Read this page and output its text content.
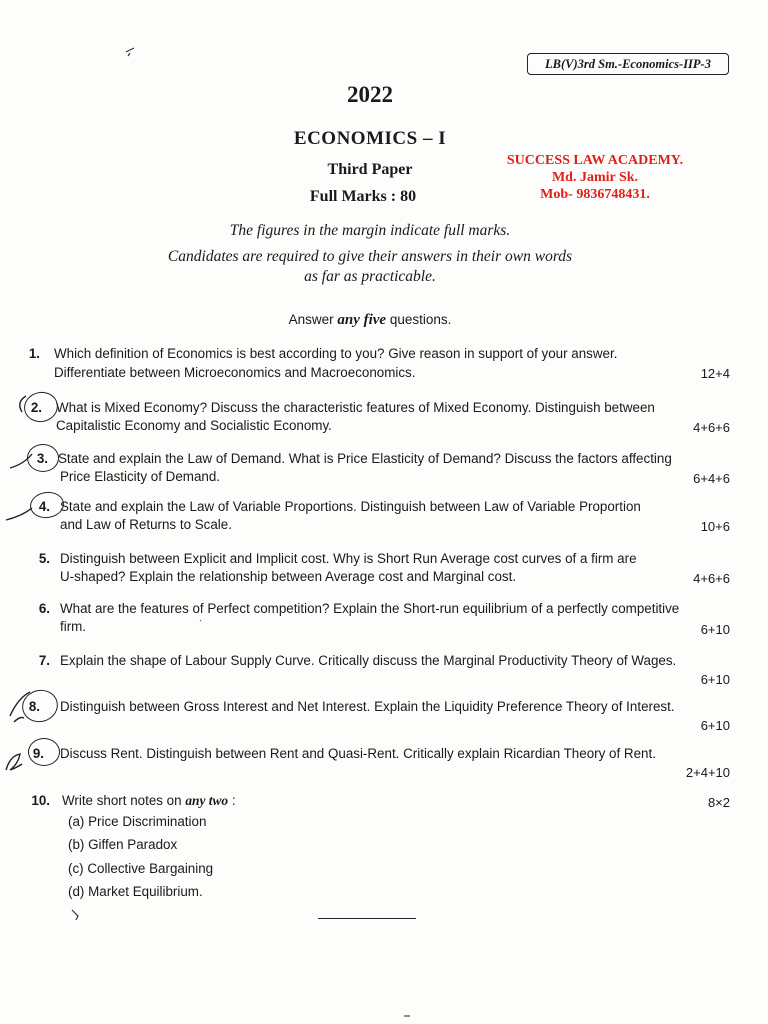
LB(V)3rd Sm.-Economics-IIP-3
2022
ECONOMICS – I
Third Paper
Full Marks : 80
SUCCESS LAW ACADEMY.
Md. Jamir Sk.
Mob- 9836748431.
The figures in the margin indicate full marks.
Candidates are required to give their answers in their own words
as far as practicable.
Answer any five questions.
1. Which definition of Economics is best according to you? Give reason in support of your answer.
Differentiate between Microeconomics and Macroeconomics.	12+4
2. What is Mixed Economy? Discuss the characteristic features of Mixed Economy. Distinguish between
Capitalistic Economy and Socialistic Economy.	4+6+6
3. State and explain the Law of Demand. What is Price Elasticity of Demand? Discuss the factors affecting
Price Elasticity of Demand.	6+4+6
4. State and explain the Law of Variable Proportions. Distinguish between Law of Variable Proportion
and Law of Returns to Scale.	10+6
5. Distinguish between Explicit and Implicit cost. Why is Short Run Average cost curves of a firm are
U-shaped? Explain the relationship between Average cost and Marginal cost.	4+6+6
6. What are the features of Perfect competition? Explain the Short-run equilibrium of a perfectly competitive
firm.	6+10
7. Explain the shape of Labour Supply Curve. Critically discuss the Marginal Productivity Theory of Wages.
6+10
8. Distinguish between Gross Interest and Net Interest. Explain the Liquidity Preference Theory of Interest.
6+10
9. Discuss Rent. Distinguish between Rent and Quasi-Rent. Critically explain Ricardian Theory of Rent.
2+4+10
10. Write short notes on any two :	8×2
(a) Price Discrimination
(b) Giffen Paradox
(c) Collective Bargaining
(d) Market Equilibrium.
